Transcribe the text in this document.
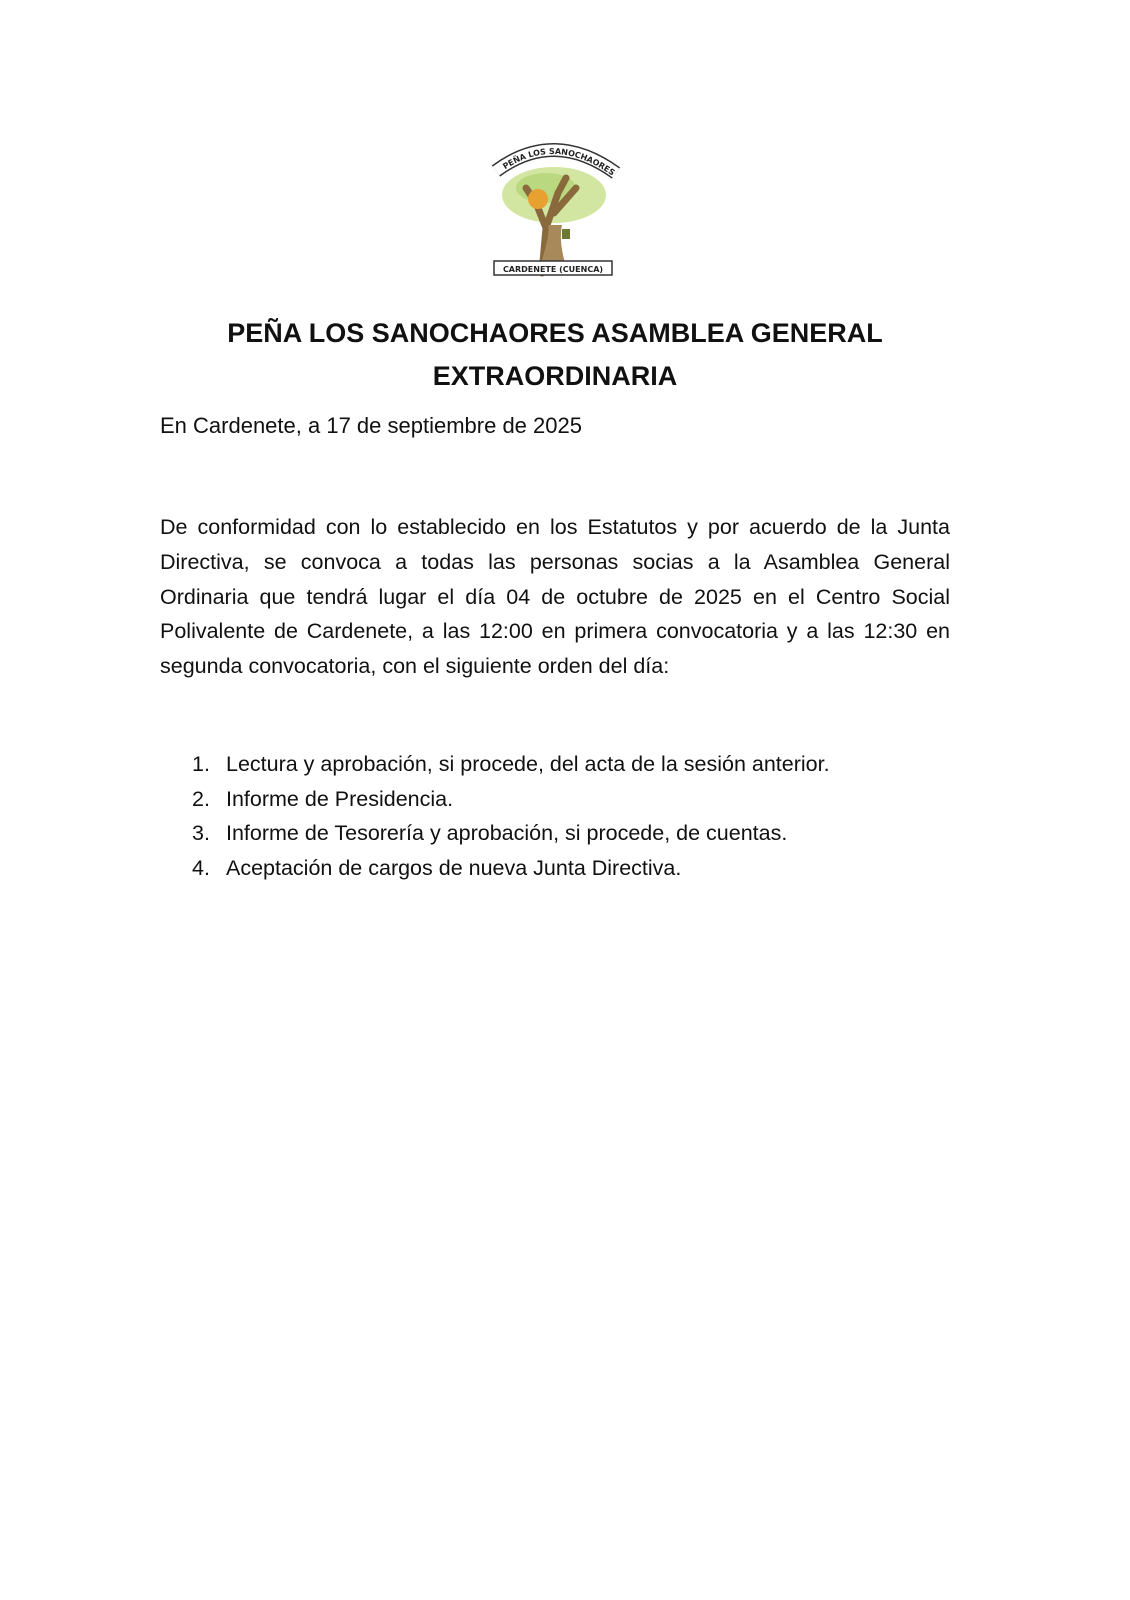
PEÑA LOS SANOCHAORES
CARDENETE (CUENCA)
PEÑA LOS SANOCHAORES ASAMBLEA GENERAL EXTRAORDINARIA

En Cardenete, a 17 de septiembre de 2025

De conformidad con lo establecido en los Estatutos y por acuerdo de la Junta Directiva, se convoca a todas las personas socias a la Asamblea General Ordinaria que tendrá lugar el día 04 de octubre de 2025 en el Centro Social Polivalente de Cardenete, a las 12:00 en primera convocatoria y a las 12:30 en segunda convocatoria, con el siguiente orden del día:

1. Lectura y aprobación, si procede, del acta de la sesión anterior.
2. Informe de Presidencia.
3. Informe de Tesorería y aprobación, si procede, de cuentas.
4. Aceptación de cargos de nueva Junta Directiva.
